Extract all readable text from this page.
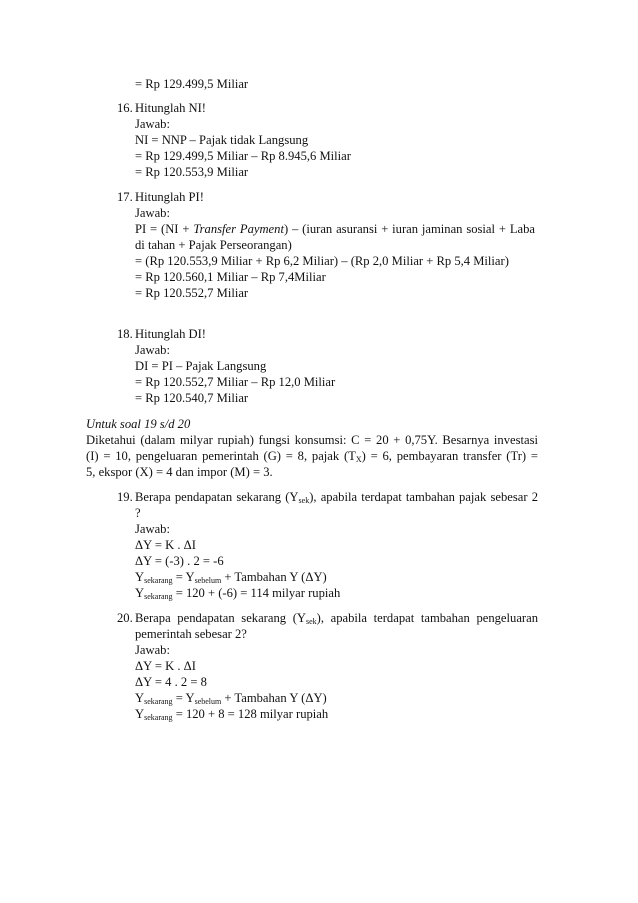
= Rp 129.499,5 Miliar
16. Hitunglah NI!
Jawab:
NI = NNP – Pajak tidak Langsung
= Rp 129.499,5 Miliar – Rp 8.945,6 Miliar
= Rp 120.553,9 Miliar
17. Hitunglah PI!
Jawab:
PI = (NI + Transfer Payment) – (iuran asuransi + iuran jaminan sosial + Laba
di tahan + Pajak Perseorangan)
= (Rp 120.553,9 Miliar + Rp 6,2 Miliar) – (Rp 2,0 Miliar + Rp 5,4 Miliar)
= Rp 120.560,1 Miliar – Rp 7,4Miliar
= Rp 120.552,7 Miliar
18. Hitunglah DI!
Jawab:
DI = PI – Pajak Langsung
= Rp 120.552,7 Miliar – Rp 12,0 Miliar
= Rp 120.540,7 Miliar
Untuk soal 19 s/d 20
Diketahui (dalam milyar rupiah) fungsi konsumsi: C = 20 + 0,75Y. Besarnya investasi
(I) = 10, pengeluaran pemerintah (G) = 8, pajak $(T_X) = 6$, pembayaran transfer (Tr) =
5, ekspor (X) = 4 dan impor (M) = 3.
19. Berapa pendapatan sekarang $(Y_{sek})$, apabila terdapat tambahan pajak sebesar 2
?
Jawab:
ΔY = K . ΔI
ΔY = (-3) . 2 = -6
$Y_{sekarang} = Y_{sebelum}$ + Tambahan Y (ΔY)
$Y_{sekarang} = 120 + (-6) = 114$ milyar rupiah
20. Berapa pendapatan sekarang $(Y_{sek})$, apabila terdapat tambahan pengeluaran
pemerintah sebesar 2?
Jawab:
ΔY = K . ΔI
ΔY = 4 . 2 = 8
$Y_{sekarang} = Y_{sebelum}$ + Tambahan Y (ΔY)
$Y_{sekarang} = 120 + 8 = 128$ milyar rupiah
